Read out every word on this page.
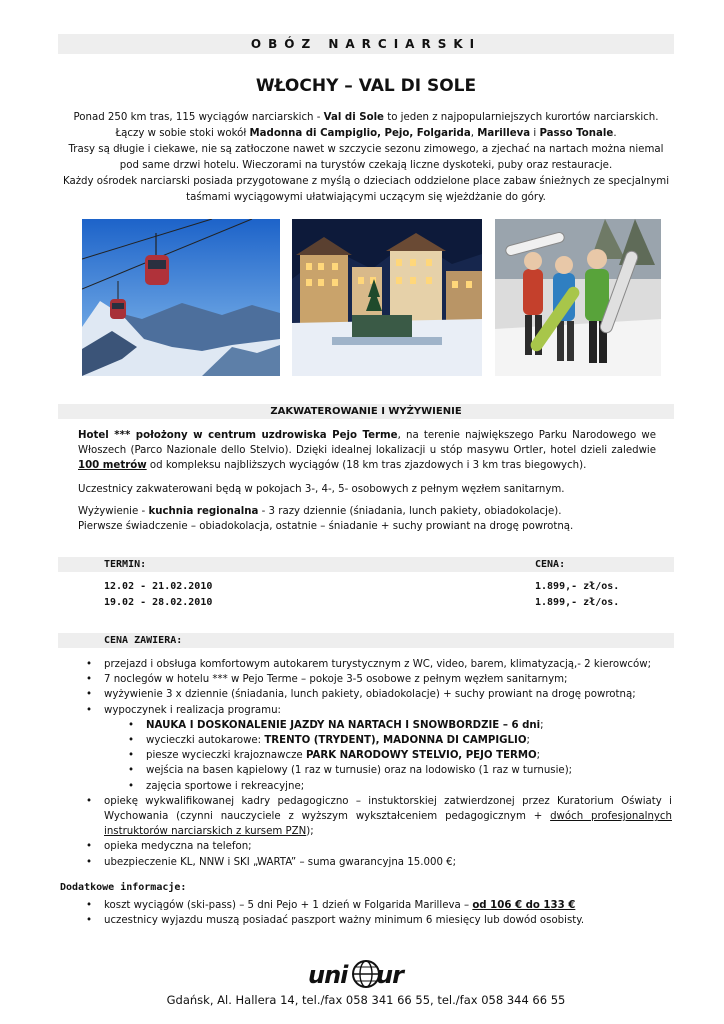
OBÓZ NARCIARSKI
WŁOCHY – VAL DI SOLE
Ponad 250 km tras, 115 wyciągów narciarskich - Val di Sole to jeden z najpopularniejszych kurortów narciarskich.
Łączy w sobie stoki wokół Madonna di Campiglio, Pejo, Folgarida, Marilleva i Passo Tonale.
Trasy są długie i ciekawe, nie są zatłoczone nawet w szczycie sezonu zimowego, a zjechać na nartach można niemal
pod same drzwi hotelu. Wieczorami na turystów czekają liczne dyskoteki, puby oraz restauracje.
Każdy ośrodek narciarski posiada przygotowane z myślą o dzieciach oddzielone place zabaw śnieżnych ze specjalnymi
taśmami wyciągowymi ułatwiającymi uczącym się wjeżdżanie do góry.
ZAKWATEROWANIE I WYŻYWIENIE
Hotel *** położony w centrum uzdrowiska Pejo Terme, na terenie największego Parku Narodowego we Włoszech (Parco Nazionale dello Stelvio). Dzięki idealnej lokalizacji u stóp masywu Ortler, hotel dzieli zaledwie 100 metrów od kompleksu najbliższych wyciągów (18 km tras zjazdowych i 3 km tras biegowych).
Uczestnicy zakwaterowani będą w pokojach 3-, 4-, 5- osobowych z pełnym węzłem sanitarnym.
Wyżywienie - kuchnia regionalna - 3 razy dziennie (śniadania, lunch pakiety, obiadokolacje).
Pierwsze świadczenie – obiadokolacja, ostatnie – śniadanie + suchy prowiant na drogę powrotną.
TERMIN:	CENA:
12.02 - 21.02.2010	1.899,- zł/os.
19.02 - 28.02.2010	1.899,- zł/os.
CENA ZAWIERA:
• przejazd i obsługa komfortowym autokarem turystycznym z WC, video, barem, klimatyzacją,- 2 kierowców;
• 7 noclegów w hotelu *** w Pejo Terme – pokoje 3-5 osobowe z pełnym węzłem sanitarnym;
• wyżywienie 3 x dziennie (śniadania, lunch pakiety, obiadokolacje) + suchy prowiant na drogę powrotną;
• wypoczynek i realizacja programu:
• NAUKA I DOSKONALENIE JAZDY NA NARTACH I SNOWBORDZIE – 6 dni;
• wycieczki autokarowe: TRENTO (TRYDENT), MADONNA DI CAMPIGLIO;
• piesze wycieczki krajoznawcze PARK NARODOWY STELVIO, PEJO TERMO;
• wejścia na basen kąpielowy (1 raz w turnusie) oraz na lodowisko (1 raz w turnusie);
• zajęcia sportowe i rekreacyjne;
• opiekę wykwalifikowanej kadry pedagogiczno – instuktorskiej zatwierdzonej przez Kuratorium Oświaty i Wychowania (czynni nauczyciele z wyższym wykształceniem pedagogicznym + dwóch profesjonalnych instruktorów narciarskich z kursem PZN);
• opieka medyczna na telefon;
• ubezpieczenie KL, NNW i SKI „WARTA” – suma gwarancyjna 15.000 €;
Dodatkowe informacje:
• koszt wyciągów (ski-pass) – 5 dni Pejo + 1 dzień w Folgarida Marilleva – od 106 € do 133 €
• uczestnicy wyjazdu muszą posiadać paszport ważny minimum 6 miesięcy lub dowód osobisty.
uni ur
Gdańsk, Al. Hallera 14, tel./fax 058 341 66 55, tel./fax 058 344 66 55
